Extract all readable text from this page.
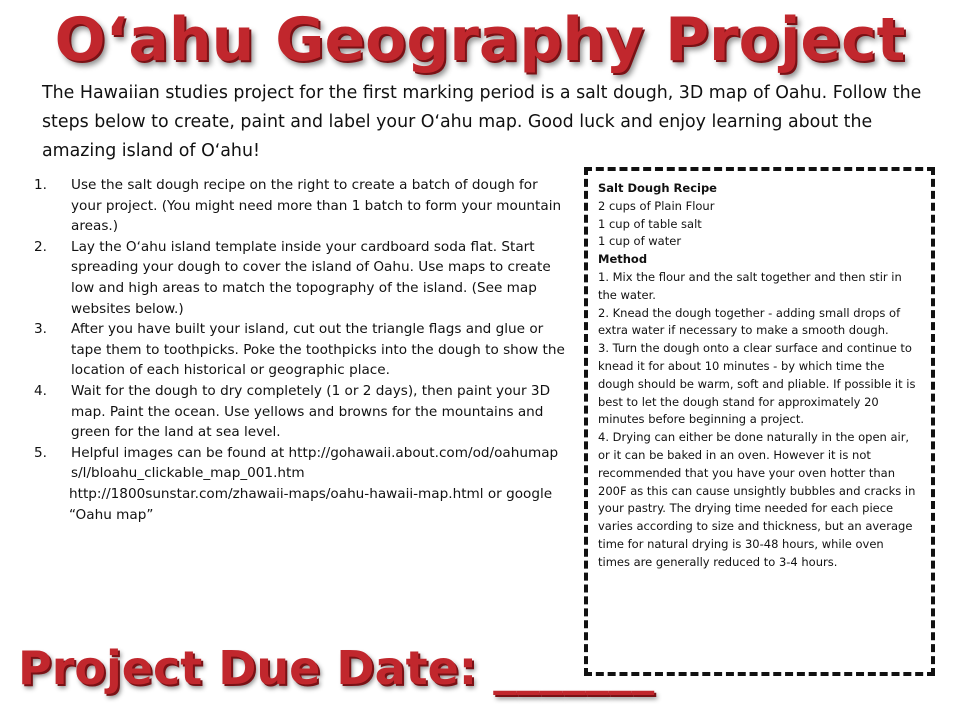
Oʻahu Geography Project

The Hawaiian studies project for the first marking period is a salt dough, 3D map of Oahu. Follow the steps below to create, paint and label your Oʻahu map. Good luck and enjoy learning about the amazing island of Oʻahu!

1. Use the salt dough recipe on the right to create a batch of dough for your project. (You might need more than 1 batch to form your mountain areas.)
2. Lay the Oʻahu island template inside your cardboard soda flat. Start spreading your dough to cover the island of Oahu. Use maps to create low and high areas to match the topography of the island. (See map websites below.)
3. After you have built your island, cut out the triangle flags and glue or tape them to toothpicks. Poke the toothpicks into the dough to show the location of each historical or geographic place.
4. Wait for the dough to dry completely (1 or 2 days), then paint your 3D map. Paint the ocean. Use yellows and browns for the mountains and green for the land at sea level.
5. Helpful images can be found at http://gohawaii.about.com/od/oahumaps/l/bloahu_clickable_map_001.htm
http://1800sunstar.com/zhawaii-maps/oahu-hawaii-map.html or google “Oahu map”

Salt Dough Recipe

2 cups of Plain Flour

1 cup of table salt

1 cup of water

Method

1. Mix the flour and the salt together and then stir in the water.

2. Knead the dough together - adding small drops of extra water if necessary to make a smooth dough.

3. Turn the dough onto a clear surface and continue to knead it for about 10 minutes - by which time the dough should be warm, soft and pliable. If possible it is best to let the dough stand for approximately 20 minutes before beginning a project.

4. Drying can either be done naturally in the open air, or it can be baked in an oven. However it is not recommended that you have your oven hotter than 200F as this can cause unsightly bubbles and cracks in your pastry. The drying time needed for each piece varies according to size and thickness, but an average time for natural drying is 30-48 hours, while oven times are generally reduced to 3-4 hours.

Project Due Date: _______
